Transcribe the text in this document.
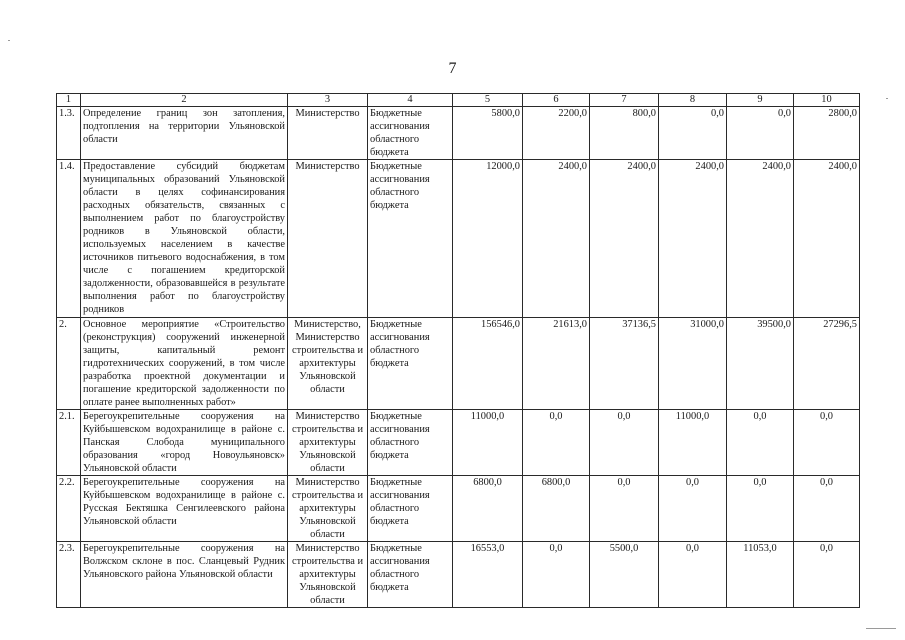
7
1	2	3	4	5	6	7	8	9	10
1.3.	Определение границ зон затопления, подтопления на территории Ульяновской области	Министерство	Бюджетные ассигнования областного бюджета	5800,0	2200,0	800,0	0,0	0,0	2800,0
1.4.	Предоставление субсидий бюджетам муниципальных образований Ульяновской области в целях софинансирования расходных обязательств, связанных с выполнением работ по благоустройству родников в Ульяновской области, используемых населением в качестве источников питьевого водоснабжения, в том числе с погашением кредиторской задолженности, образовавшейся в результате выполнения работ по благоустройству родников	Министерство	Бюджетные ассигнования областного бюджета	12000,0	2400,0	2400,0	2400,0	2400,0	2400,0
2.	Основное мероприятие «Строительство (реконструкция) сооружений инженерной защиты, капитальный ремонт гидротехнических сооружений, в том числе разработка проектной документации и погашение кредиторской задолженности по оплате ранее выполненных работ»	Министерство, Министерство строительства и архитектуры Ульяновской области	Бюджетные ассигнования областного бюджета	156546,0	21613,0	37136,5	31000,0	39500,0	27296,5
2.1.	Берегоукрепительные сооружения на Куйбышевском водохранилище в районе с. Панская Слобода муниципального образования «город Новоульяновск» Ульяновской области	Министерство строительства и архитектуры Ульяновской области	Бюджетные ассигнования областного бюджета	11000,0	0,0	0,0	11000,0	0,0	0,0
2.2.	Берегоукрепительные сооружения на Куйбышевском водохранилище в районе с. Русская Бектяшка Сенгилеевского района Ульяновской области	Министерство строительства и архитектуры Ульяновской области	Бюджетные ассигнования областного бюджета	6800,0	6800,0	0,0	0,0	0,0	0,0
2.3.	Берегоукрепительные сооружения на Волжском склоне в пос. Сланцевый Рудник Ульяновского района Ульяновской области	Министерство строительства и архитектуры Ульяновской области	Бюджетные ассигнования областного бюджета	16553,0	0,0	5500,0	0,0	11053,0	0,0
